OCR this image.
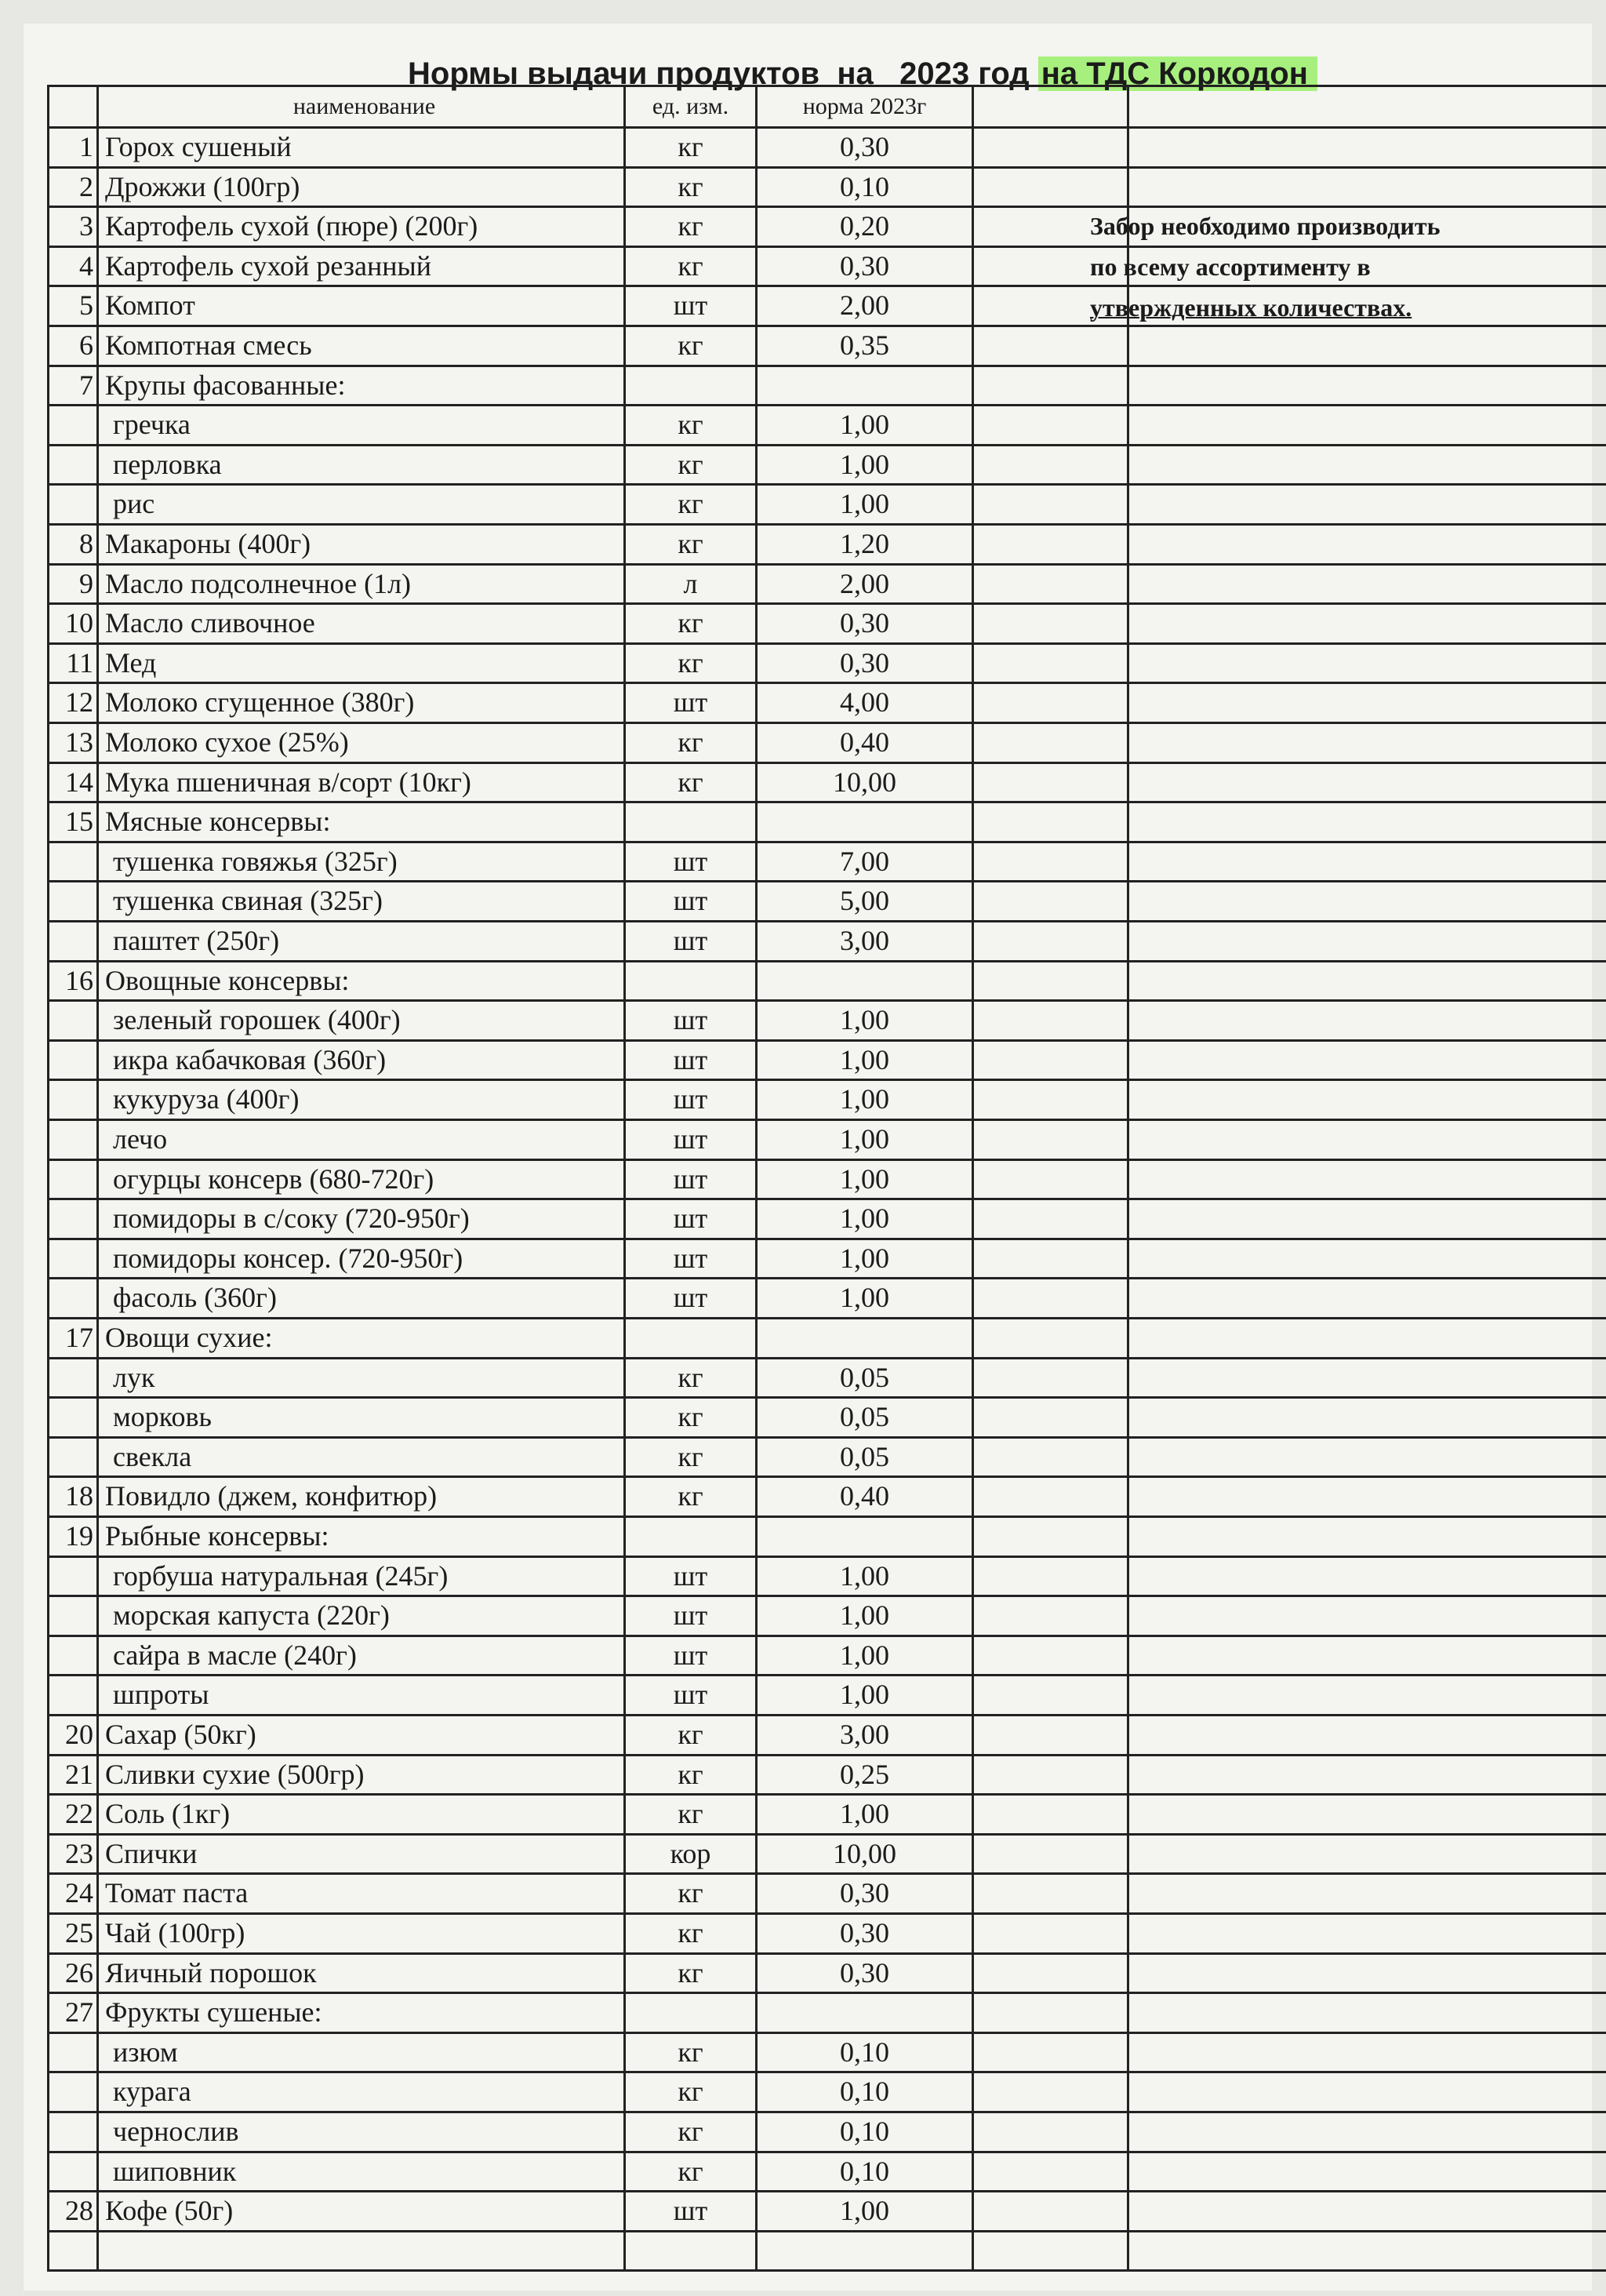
Нормы выдачи продуктов  на   2023 год на ТДС Коркодон
наименование	ед. изм.	норма 2023г
1 Горох сушеный	кг	0,30
2 Дрожжи (100гр)	кг	0,10
3 Картофель сухой (пюре) (200г)	кг	0,20
4 Картофель сухой резанный	кг	0,30
5 Компот	шт	2,00
6 Компотная смесь	кг	0,35
7 Крупы фасованные:
гречка	кг	1,00
перловка	кг	1,00
рис	кг	1,00
8 Макароны (400г)	кг	1,20
9 Масло подсолнечное (1л)	л	2,00
10 Масло сливочное	кг	0,30
11 Мед	кг	0,30
12 Молоко сгущенное (380г)	шт	4,00
13 Молоко сухое (25%)	кг	0,40
14 Мука пшеничная в/сорт (10кг)	кг	10,00
15 Мясные консервы:
тушенка говяжья (325г)	шт	7,00
тушенка свиная (325г)	шт	5,00
паштет (250г)	шт	3,00
16 Овощные консервы:
зеленый горошек (400г)	шт	1,00
икра кабачковая (360г)	шт	1,00
кукуруза (400г)	шт	1,00
лечо	шт	1,00
огурцы консерв (680-720г)	шт	1,00
помидоры в с/соку (720-950г)	шт	1,00
помидоры консер. (720-950г)	шт	1,00
фасоль (360г)	шт	1,00
17 Овощи сухие:
лук	кг	0,05
морковь	кг	0,05
свекла	кг	0,05
18 Повидло (джем, конфитюр)	кг	0,40
19 Рыбные консервы:
горбуша натуральная (245г)	шт	1,00
морская капуста (220г)	шт	1,00
сайра в масле (240г)	шт	1,00
шпроты	шт	1,00
20 Сахар (50кг)	кг	3,00
21 Сливки сухие (500гр)	кг	0,25
22 Соль (1кг)	кг	1,00
23 Спички	кор	10,00
24 Томат паста	кг	0,30
25 Чай (100гр)	кг	0,30
26 Яичный порошок	кг	0,30
27 Фрукты сушеные:
изюм	кг	0,10
курага	кг	0,10
чернослив	кг	0,10
шиповник	кг	0,10
28 Кофе (50г)	шт	1,00
Забор необходимо производить
по всему ассортименту в
утвержденных количествах.
